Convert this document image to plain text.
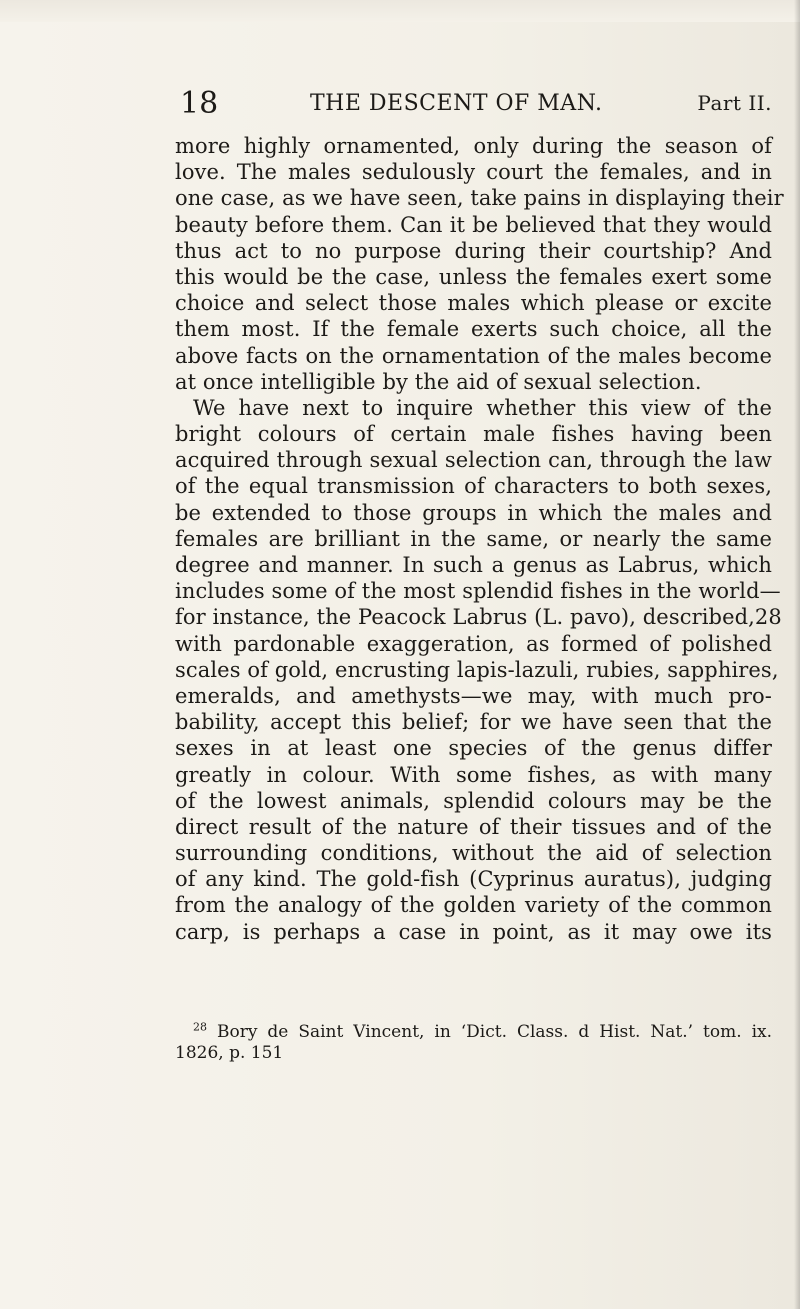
18	THE DESCENT OF MAN.	Part II.
more highly ornamented, only during the season of
love. The males sedulously court the females, and in
one case, as we have seen, take pains in displaying their
beauty before them. Can it be believed that they would
thus act to no purpose during their courtship? And
this would be the case, unless the females exert some
choice and select those males which please or excite
them most. If the female exerts such choice, all the
above facts on the ornamentation of the males become
at once intelligible by the aid of sexual selection.
We have next to inquire whether this view of the
bright colours of certain male fishes having been
acquired through sexual selection can, through the law
of the equal transmission of characters to both sexes,
be extended to those groups in which the males and
females are brilliant in the same, or nearly the same
degree and manner. In such a genus as Labrus, which
includes some of the most splendid fishes in the world—
for instance, the Peacock Labrus (L. pavo), described,28
with pardonable exaggeration, as formed of polished
scales of gold, encrusting lapis-lazuli, rubies, sapphires,
emeralds, and amethysts—we may, with much pro-
bability, accept this belief; for we have seen that the
sexes in at least one species of the genus differ
greatly in colour. With some fishes, as with many
of the lowest animals, splendid colours may be the
direct result of the nature of their tissues and of the
surrounding conditions, without the aid of selection
of any kind. The gold-fish (Cyprinus auratus), judging
from the analogy of the golden variety of the common
carp, is perhaps a case in point, as it may owe its
$^{28}$ Bory de Saint Vincent, in ‘Dict. Class. d Hist. Nat.’ tom. ix.
1826, p. 151
